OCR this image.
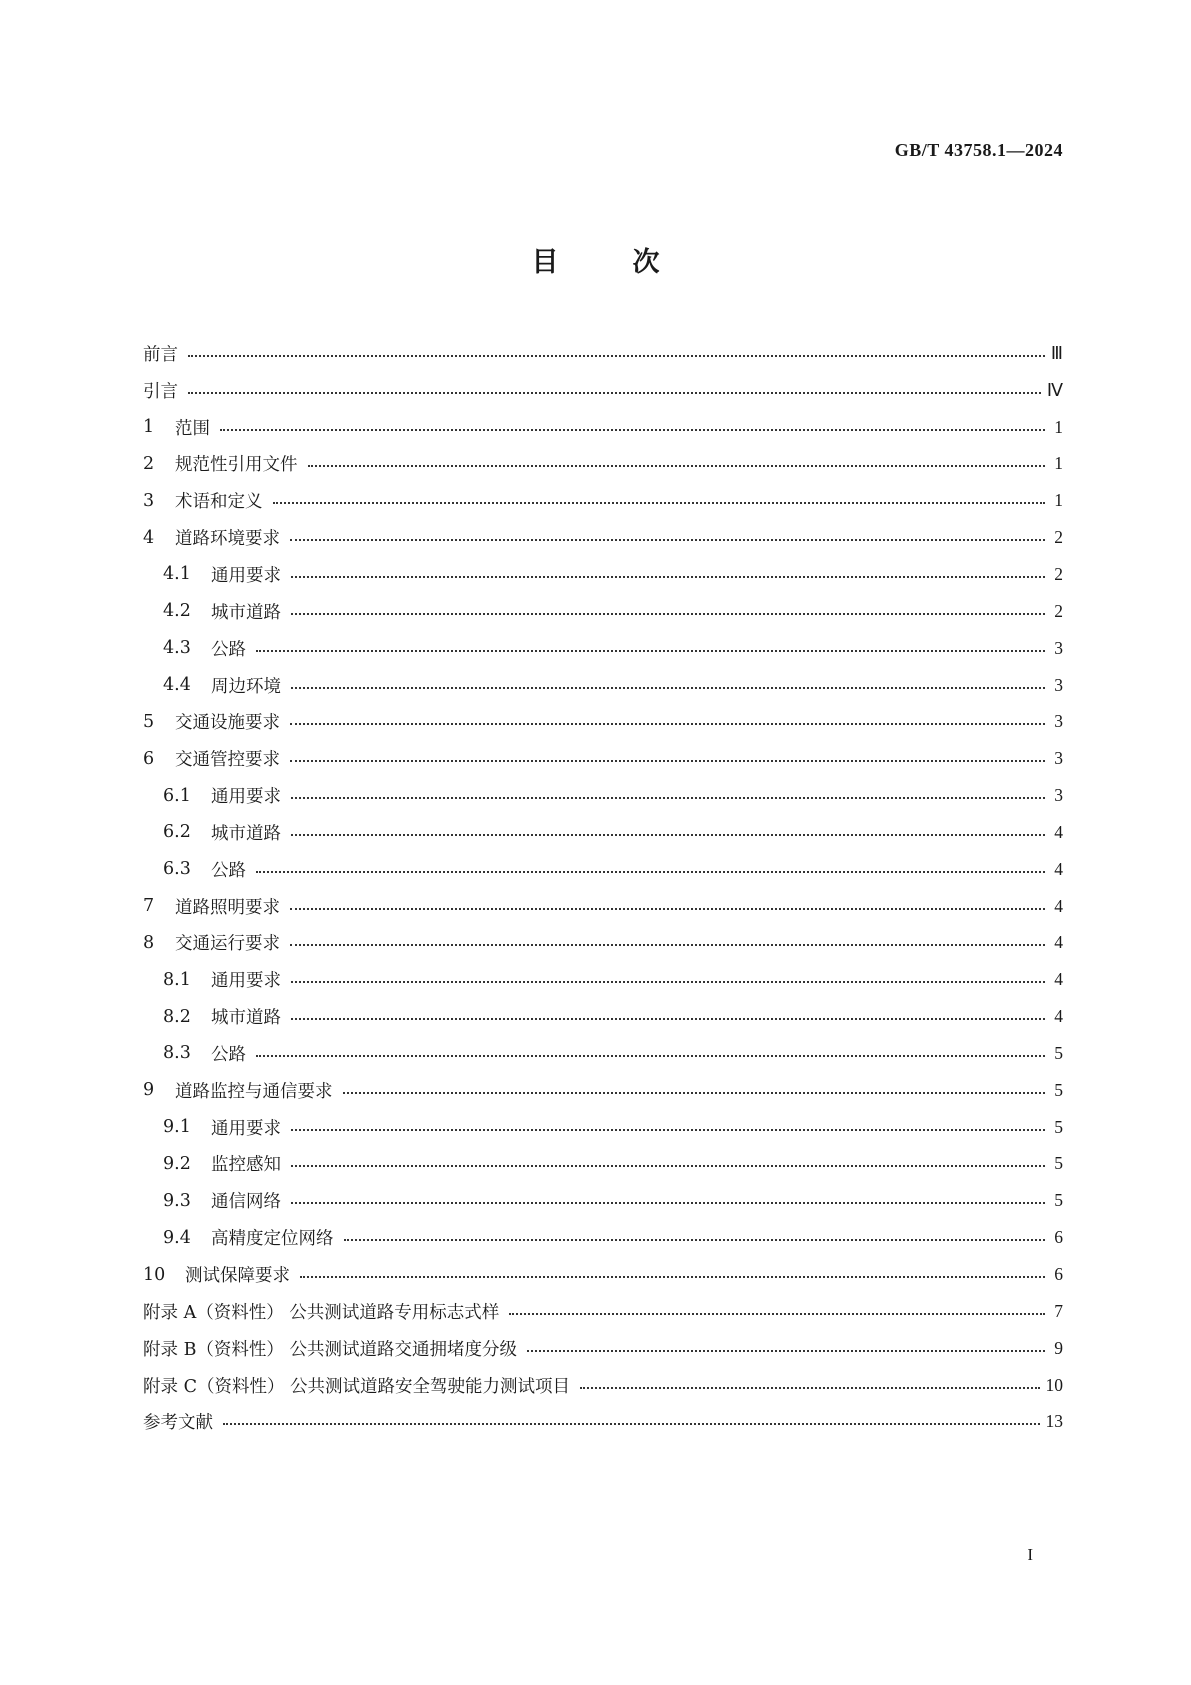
GB/T 43758.1—2024
目	次
前言	Ⅲ
引言	Ⅳ
1	范围	1
2	规范性引用文件	1
3	术语和定义	1
4	道路环境要求	2
4.1	通用要求	2
4.2	城市道路	2
4.3	公路	3
4.4	周边环境	3
5	交通设施要求	3
6	交通管控要求	3
6.1	通用要求	3
6.2	城市道路	4
6.3	公路	4
7	道路照明要求	4
8	交通运行要求	4
8.1	通用要求	4
8.2	城市道路	4
8.3	公路	5
9	道路监控与通信要求	5
9.1	通用要求	5
9.2	监控感知	5
9.3	通信网络	5
9.4	高精度定位网络	6
10	测试保障要求	6
附录 A（资料性） 公共测试道路专用标志式样	7
附录 B（资料性） 公共测试道路交通拥堵度分级	9
附录 C（资料性） 公共测试道路安全驾驶能力测试项目	10
参考文献	13
I
